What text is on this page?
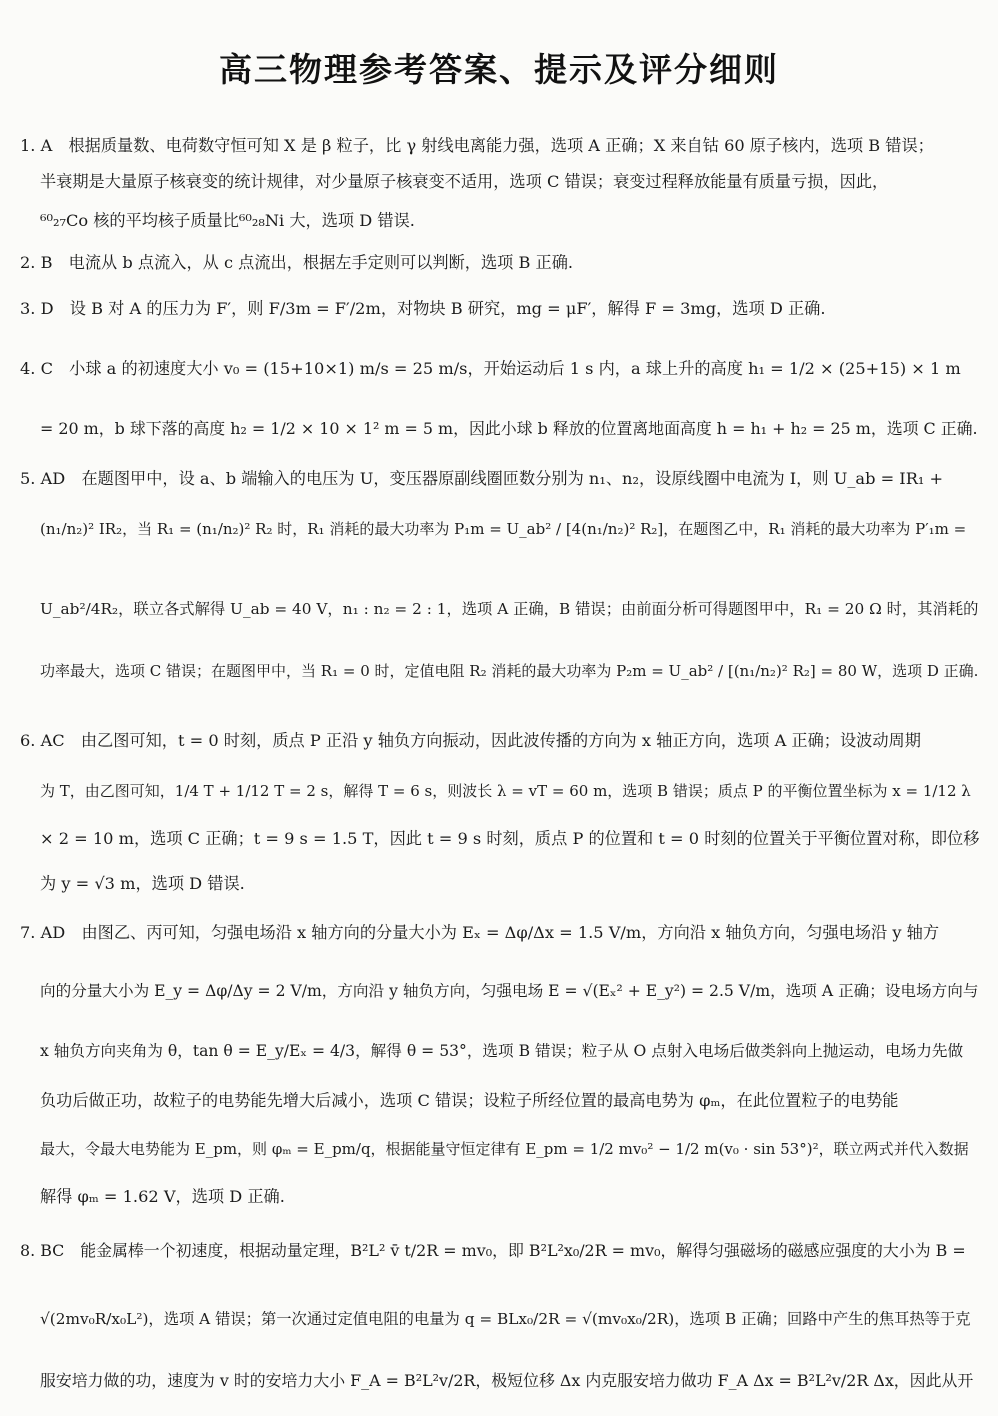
高三物理参考答案、提示及评分细则
1. A　根据质量数、电荷数守恒可知 X 是 β 粒子，比 γ 射线电离能力强，选项 A 正确；X 来自钴 60 原子核内，选项 B 错误；
半衰期是大量原子核衰变的统计规律，对少量原子核衰变不适用，选项 C 错误；衰变过程释放能量有质量亏损，因此，
⁶⁰₂₇Co 核的平均核子质量比⁶⁰₂₈Ni 大，选项 D 错误.
2. B　电流从 b 点流入，从 c 点流出，根据左手定则可以判断，选项 B 正确.
3. D　设 B 对 A 的压力为 F′，则 F/3m = F′/2m，对物块 B 研究，mg = μF′，解得 F = 3mg，选项 D 正确.
4. C　小球 a 的初速度大小 v₀ = (15+10×1) m/s = 25 m/s，开始运动后 1 s 内，a 球上升的高度 h₁ = 1/2 × (25+15) × 1 m
= 20 m，b 球下落的高度 h₂ = 1/2 × 10 × 1² m = 5 m，因此小球 b 释放的位置离地面高度 h = h₁ + h₂ = 25 m，选项 C 正确.
5. AD　在题图甲中，设 a、b 端输入的电压为 U，变压器原副线圈匝数分别为 n₁、n₂，设原线圈中电流为 I，则 U_ab = IR₁ +
(n₁/n₂)² IR₂，当 R₁ = (n₁/n₂)² R₂ 时，R₁ 消耗的最大功率为 P₁m = U_ab² / [4(n₁/n₂)² R₂]，在题图乙中，R₁ 消耗的最大功率为 P′₁m =
U_ab²/4R₂，联立各式解得 U_ab = 40 V，n₁ : n₂ = 2 : 1，选项 A 正确，B 错误；由前面分析可得题图甲中，R₁ = 20 Ω 时，其消耗的
功率最大，选项 C 错误；在题图甲中，当 R₁ = 0 时，定值电阻 R₂ 消耗的最大功率为 P₂m = U_ab² / [(n₁/n₂)² R₂] = 80 W，选项 D 正确.
6. AC　由乙图可知，t = 0 时刻，质点 P 正沿 y 轴负方向振动，因此波传播的方向为 x 轴正方向，选项 A 正确；设波动周期
为 T，由乙图可知，1/4 T + 1/12 T = 2 s，解得 T = 6 s，则波长 λ = vT = 60 m，选项 B 错误；质点 P 的平衡位置坐标为 x = 1/12 λ
× 2 = 10 m，选项 C 正确；t = 9 s = 1.5 T，因此 t = 9 s 时刻，质点 P 的位置和 t = 0 时刻的位置关于平衡位置对称，即位移
为 y = √3 m，选项 D 错误.
7. AD　由图乙、丙可知，匀强电场沿 x 轴方向的分量大小为 Eₓ = Δφ/Δx = 1.5 V/m，方向沿 x 轴负方向，匀强电场沿 y 轴方
向的分量大小为 E_y = Δφ/Δy = 2 V/m，方向沿 y 轴负方向，匀强电场 E = √(Eₓ² + E_y²) = 2.5 V/m，选项 A 正确；设电场方向与
x 轴负方向夹角为 θ，tan θ = E_y/Eₓ = 4/3，解得 θ = 53°，选项 B 错误；粒子从 O 点射入电场后做类斜向上抛运动，电场力先做
负功后做正功，故粒子的电势能先增大后减小，选项 C 错误；设粒子所经位置的最高电势为 φₘ，在此位置粒子的电势能
最大，令最大电势能为 E_pm，则 φₘ = E_pm/q，根据能量守恒定律有 E_pm = 1/2 mv₀² − 1/2 m(v₀ · sin 53°)²，联立两式并代入数据
解得 φₘ = 1.62 V，选项 D 正确.
8. BC　能金属棒一个初速度，根据动量定理，B²L² v̄ t/2R = mv₀，即 B²L²x₀/2R = mv₀，解得匀强磁场的磁感应强度的大小为 B =
√(2mv₀R/x₀L²)，选项 A 错误；第一次通过定值电阻的电量为 q = BLx₀/2R = √(mv₀x₀/2R)，选项 B 正确；回路中产生的焦耳热等于克
服安培力做的功，速度为 v 时的安培力大小 F_A = B²L²v/2R，极短位移 Δx 内克服安培力做功 F_A Δx = B²L²v/2R Δx，因此从开
